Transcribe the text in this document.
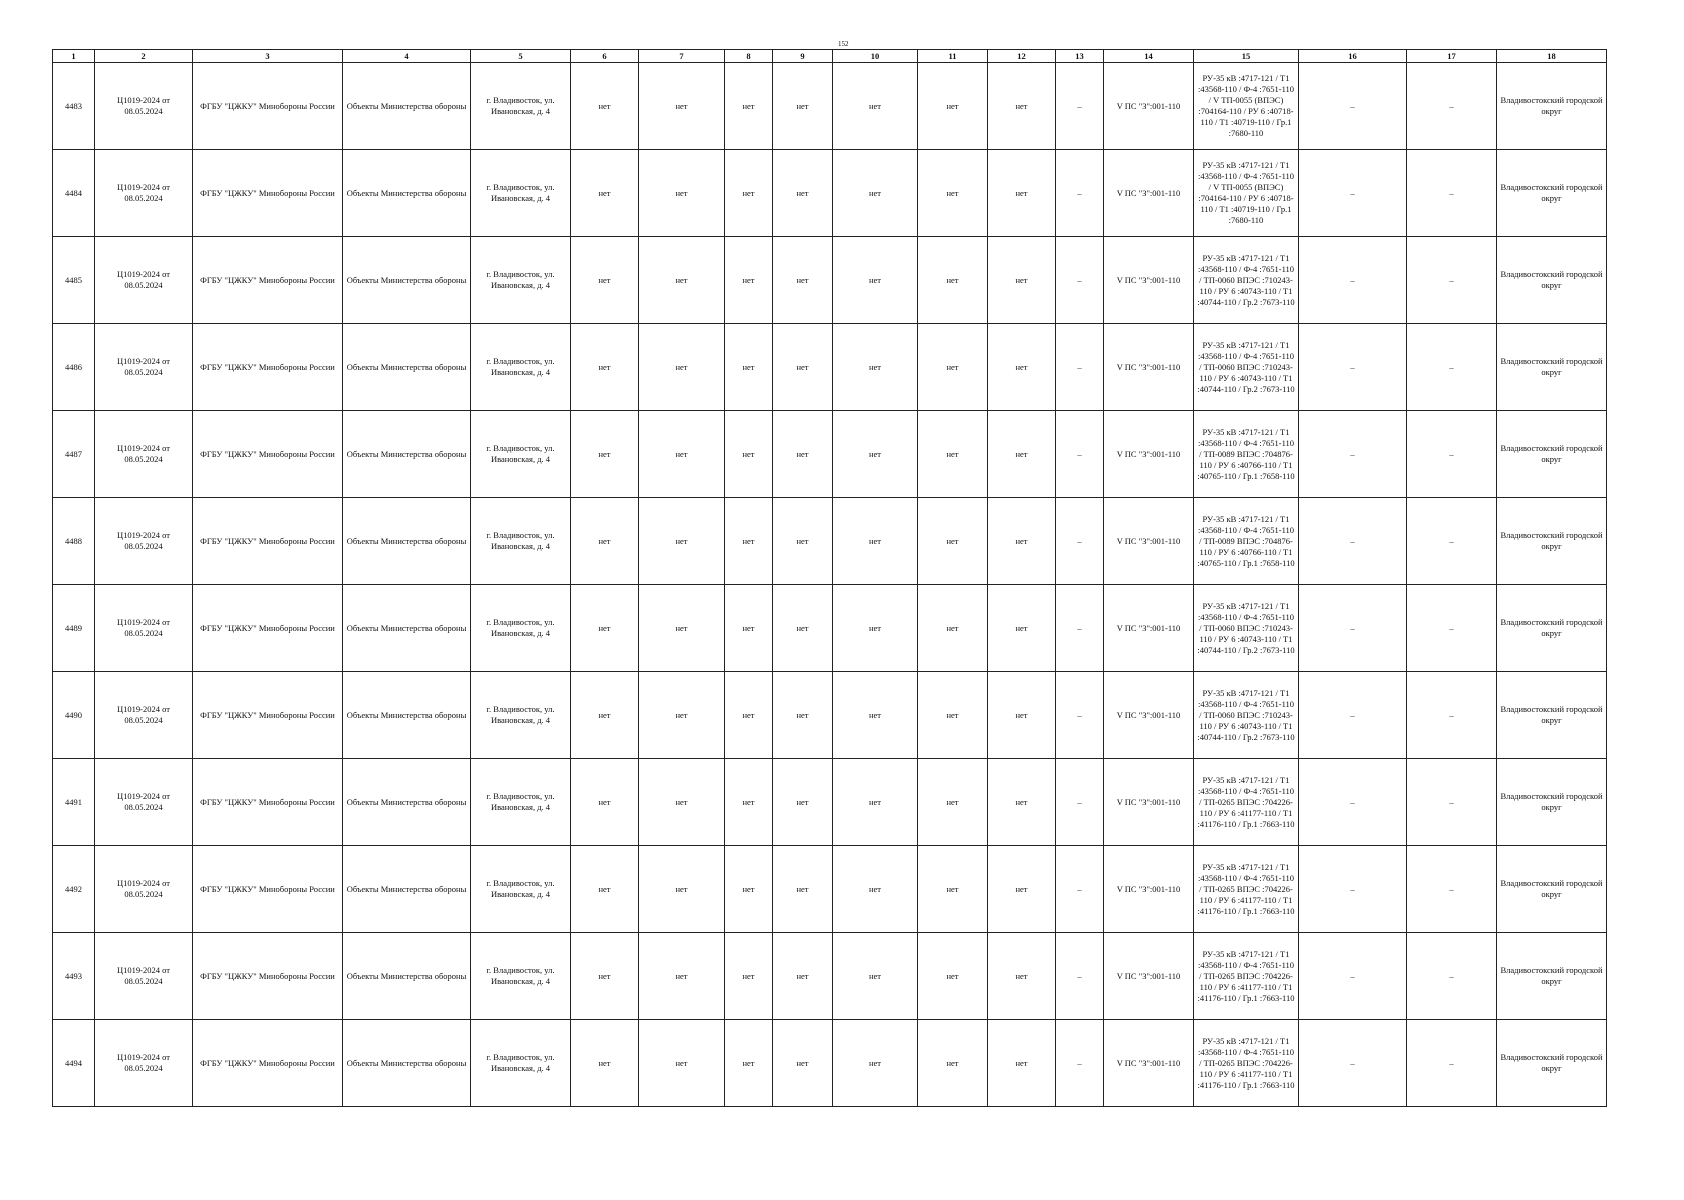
152
1	2	3	4	5	6	7	8	9	10	11	12	13	14	15	16	17	18
4483	Ц1019-2024 от 08.05.2024	ФГБУ "ЦЖКУ" Минобороны России	Объекты Министерства обороны	г. Владивосток, ул. Ивановская, д. 4	нет	нет	нет	нет	нет	нет	нет	–	V ПС "З":001-110	РУ-35 кВ :4717-121 / Т1 :43568-110 / Ф-4 :7651-110 / V ТП-0055 (ВПЭС) :704164-110 / РУ 6 :40718-110 / Т1 :40719-110 / Гр.1 :7680-110	–	–	Владивостокский городской округ
4484	Ц1019-2024 от 08.05.2024	ФГБУ "ЦЖКУ" Минобороны России	Объекты Министерства обороны	г. Владивосток, ул. Ивановская, д. 4	нет	нет	нет	нет	нет	нет	нет	–	V ПС "З":001-110	РУ-35 кВ :4717-121 / Т1 :43568-110 / Ф-4 :7651-110 / V ТП-0055 (ВПЭС) :704164-110 / РУ 6 :40718-110 / Т1 :40719-110 / Гр.1 :7680-110	–	–	Владивостокский городской округ
4485	Ц1019-2024 от 08.05.2024	ФГБУ "ЦЖКУ" Минобороны России	Объекты Министерства обороны	г. Владивосток, ул. Ивановская, д. 4	нет	нет	нет	нет	нет	нет	нет	–	V ПС "З":001-110	РУ-35 кВ :4717-121 / Т1 :43568-110 / Ф-4 :7651-110 / ТП-0060 ВПЭС :710243-110 / РУ 6 :40743-110 / Т1 :40744-110 / Гр.2 :7673-110	–	–	Владивостокский городской округ
4486	Ц1019-2024 от 08.05.2024	ФГБУ "ЦЖКУ" Минобороны России	Объекты Министерства обороны	г. Владивосток, ул. Ивановская, д. 4	нет	нет	нет	нет	нет	нет	нет	–	V ПС "З":001-110	РУ-35 кВ :4717-121 / Т1 :43568-110 / Ф-4 :7651-110 / ТП-0060 ВПЭС :710243-110 / РУ 6 :40743-110 / Т1 :40744-110 / Гр.2 :7673-110	–	–	Владивостокский городской округ
4487	Ц1019-2024 от 08.05.2024	ФГБУ "ЦЖКУ" Минобороны России	Объекты Министерства обороны	г. Владивосток, ул. Ивановская, д. 4	нет	нет	нет	нет	нет	нет	нет	–	V ПС "З":001-110	РУ-35 кВ :4717-121 / Т1 :43568-110 / Ф-4 :7651-110 / ТП-0089 ВПЭС :704876-110 / РУ 6 :40766-110 / Т1 :40765-110 / Гр.1 :7658-110	–	–	Владивостокский городской округ
4488	Ц1019-2024 от 08.05.2024	ФГБУ "ЦЖКУ" Минобороны России	Объекты Министерства обороны	г. Владивосток, ул. Ивановская, д. 4	нет	нет	нет	нет	нет	нет	нет	–	V ПС "З":001-110	РУ-35 кВ :4717-121 / Т1 :43568-110 / Ф-4 :7651-110 / ТП-0089 ВПЭС :704876-110 / РУ 6 :40766-110 / Т1 :40765-110 / Гр.1 :7658-110	–	–	Владивостокский городской округ
4489	Ц1019-2024 от 08.05.2024	ФГБУ "ЦЖКУ" Минобороны России	Объекты Министерства обороны	г. Владивосток, ул. Ивановская, д. 4	нет	нет	нет	нет	нет	нет	нет	–	V ПС "З":001-110	РУ-35 кВ :4717-121 / Т1 :43568-110 / Ф-4 :7651-110 / ТП-0060 ВПЭС :710243-110 / РУ 6 :40743-110 / Т1 :40744-110 / Гр.2 :7673-110	–	–	Владивостокский городской округ
4490	Ц1019-2024 от 08.05.2024	ФГБУ "ЦЖКУ" Минобороны России	Объекты Министерства обороны	г. Владивосток, ул. Ивановская, д. 4	нет	нет	нет	нет	нет	нет	нет	–	V ПС "З":001-110	РУ-35 кВ :4717-121 / Т1 :43568-110 / Ф-4 :7651-110 / ТП-0060 ВПЭС :710243-110 / РУ 6 :40743-110 / Т1 :40744-110 / Гр.2 :7673-110	–	–	Владивостокский городской округ
4491	Ц1019-2024 от 08.05.2024	ФГБУ "ЦЖКУ" Минобороны России	Объекты Министерства обороны	г. Владивосток, ул. Ивановская, д. 4	нет	нет	нет	нет	нет	нет	нет	–	V ПС "З":001-110	РУ-35 кВ :4717-121 / Т1 :43568-110 / Ф-4 :7651-110 / ТП-0265 ВПЭС :704226-110 / РУ 6 :41177-110 / Т1 :41176-110 / Гр.1 :7663-110	–	–	Владивостокский городской округ
4492	Ц1019-2024 от 08.05.2024	ФГБУ "ЦЖКУ" Минобороны России	Объекты Министерства обороны	г. Владивосток, ул. Ивановская, д. 4	нет	нет	нет	нет	нет	нет	нет	–	V ПС "З":001-110	РУ-35 кВ :4717-121 / Т1 :43568-110 / Ф-4 :7651-110 / ТП-0265 ВПЭС :704226-110 / РУ 6 :41177-110 / Т1 :41176-110 / Гр.1 :7663-110	–	–	Владивостокский городской округ
4493	Ц1019-2024 от 08.05.2024	ФГБУ "ЦЖКУ" Минобороны России	Объекты Министерства обороны	г. Владивосток, ул. Ивановская, д. 4	нет	нет	нет	нет	нет	нет	нет	–	V ПС "З":001-110	РУ-35 кВ :4717-121 / Т1 :43568-110 / Ф-4 :7651-110 / ТП-0265 ВПЭС :704226-110 / РУ 6 :41177-110 / Т1 :41176-110 / Гр.1 :7663-110	–	–	Владивостокский городской округ
4494	Ц1019-2024 от 08.05.2024	ФГБУ "ЦЖКУ" Минобороны России	Объекты Министерства обороны	г. Владивосток, ул. Ивановская, д. 4	нет	нет	нет	нет	нет	нет	нет	–	V ПС "З":001-110	РУ-35 кВ :4717-121 / Т1 :43568-110 / Ф-4 :7651-110 / ТП-0265 ВПЭС :704226-110 / РУ 6 :41177-110 / Т1 :41176-110 / Гр.1 :7663-110	–	–	Владивостокский городской округ
